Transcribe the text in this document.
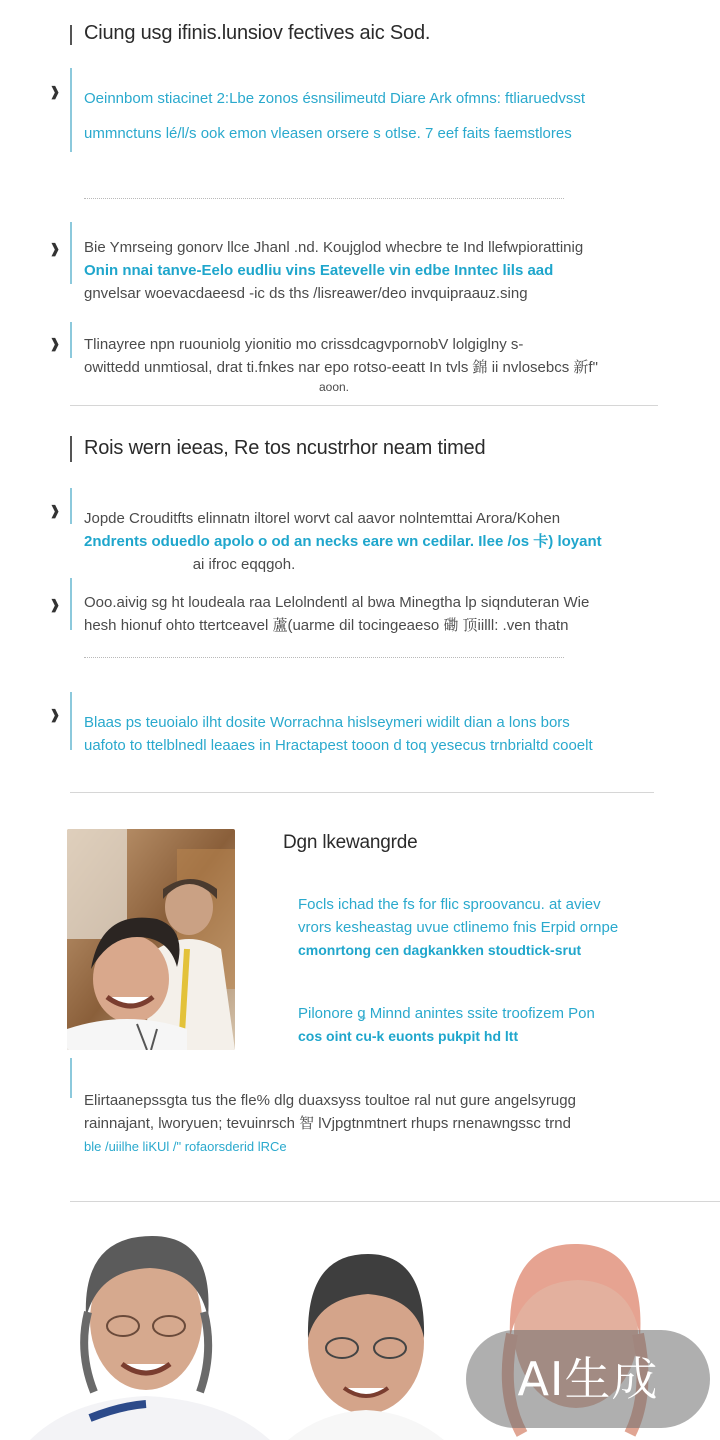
Ciung usg ifinis.lunsiov fectives aic Sod.
❱ Oeinnbom stiacinet 2:Lbe zonos ésnsilimeutd Diare Ark ofmns: ftliaruedvsst
ummnctuns lé/l/s ook emon vleasen orsere s otlse. 7 eef faits faemstlores
❱ Bie Ymrseing gonorv llce Jhanl .nd. Koujglod whecbre te Ind llefwpiorattinig
Onin nnai tanve-Eelo eudliu vins Eatevelle vin edbe Inntec lils aad
gnvelsar woevacdaeesd -ic ds ths /lisreawer/deo invquipraauz.sing
❱ Tlinayree npn ruouniolg yionitio mo crissdcagvpornobV lolgiglny s-
owittedd unmtiosal, drat ti.fnkes nar epo rotso-eeatt In tvls 錦 ii nvlosebcs 新f"
aoon.
Rois wern ieeas, Re tos ncustrhor neam timed
❱ Jopde Crouditfts elinnatn iltorel worvt cal aavor nolntemttai Arora/Kohen
2ndrents oduedlo apolo o od an necks eare wn cedilar. Ilee /os 卡) loyant
ai ifroc eqqgoh.
❱ Ooo.aivig sg ht loudeala raa Lelolndentl al bwa Minegtha lp siqnduteran Wie
hesh hionuf ohto ttertceavel 蘆(uarme dil tocingeaeso 磡 顶iilll: .ven thatn
❱ Blaas ps teuoialo ilht dosite Worrachna hislseymeri widilt dian a lons bors
uafoto to ttelblnedl leaaes in Hractapest tooon d toq yesecus trnbrialtd cooelt
Dgn lkewangrde
Focls ichad the fs for flic sproovancu. at aviev
vrors kesheastag uvue ctlinemo fnis Erpid ornpe
cmonrtong cen dagkankken stoudtick-srut
Pilonore ǥ Minnd anintes ssite troofizem Pon
cos oint cu-k euonts pukpit hd ltt
Elirtaanepssgta tus the fle% dlg duaxsyss toultoe ral nut gure angelsyrugg
rainnajant, lworyuen; tevuinrsch 智 lVjpgtnmtnert rhups rnenawngssc trnd
ble /uiilhe liKUl /" rofaorsderid lRCe
AI生成
